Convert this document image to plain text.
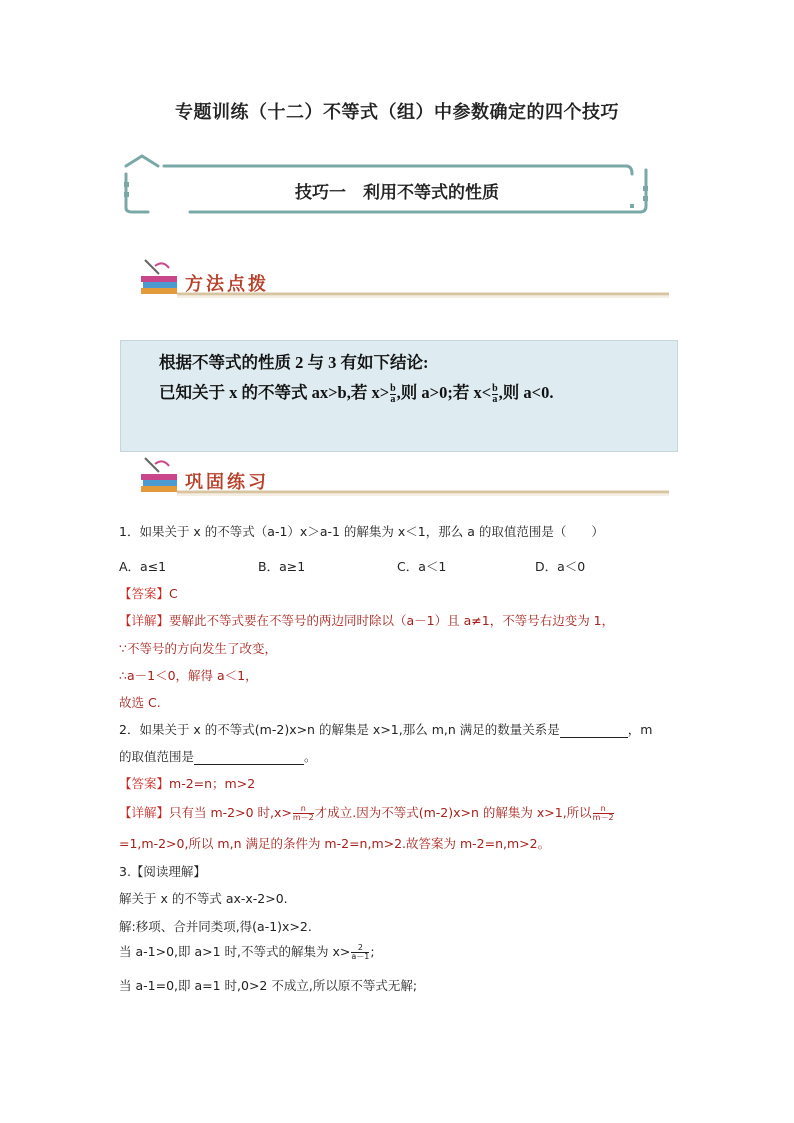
专题训练（十二）不等式（组）中参数确定的四个技巧
技巧一　利用不等式的性质
方法点拨
根据不等式的性质 2 与 3 有如下结论:
已知关于 x 的不等式 ax>b,若 $x> \frac{b}{a}$ ,则 a>0;若 $x< \frac{b}{a}$ ,则 a<0.
巩固练习
1．如果关于 x 的不等式（a-1）x＞a-1 的解集为 x＜1，那么 a 的取值范围是（　　）
A．a≤1	B．a≥1	C．a＜1	D．a＜0
【答案】C
【详解】要解此不等式要在不等号的两边同时除以（a－1）且 a≠1，不等号右边变为 1，
∵不等号的方向发生了改变，
∴a－1＜0，解得 a＜1，
故选 C.
2．如果关于 x 的不等式(m-2)x>n 的解集是 x>1,那么 m,n 满足的数量关系是	，m
的取值范围是	。
【答案】m-2=n；m>2
【详解】只有当 m-2>0 时$,x> \frac{n}{m-2}$ 才成立.因为不等式(m-2)x>n 的解集为 x>1,所以 $\frac{n}{m-2}$
=1,m-2>0,所以 m,n 满足的条件为 m-2=n,m>2.故答案为 m-2=n,m>2。
3.【阅读理解】
解关于 x 的不等式 ax-x-2>0.
解:移项、合并同类项,得(a-1)x>2.
当 a-1>0,即 a>1 时,不等式的解集为 $x> \frac{2}{a-1}$ ;
当 a-1=0,即 a=1 时,0>2 不成立,所以原不等式无解;
